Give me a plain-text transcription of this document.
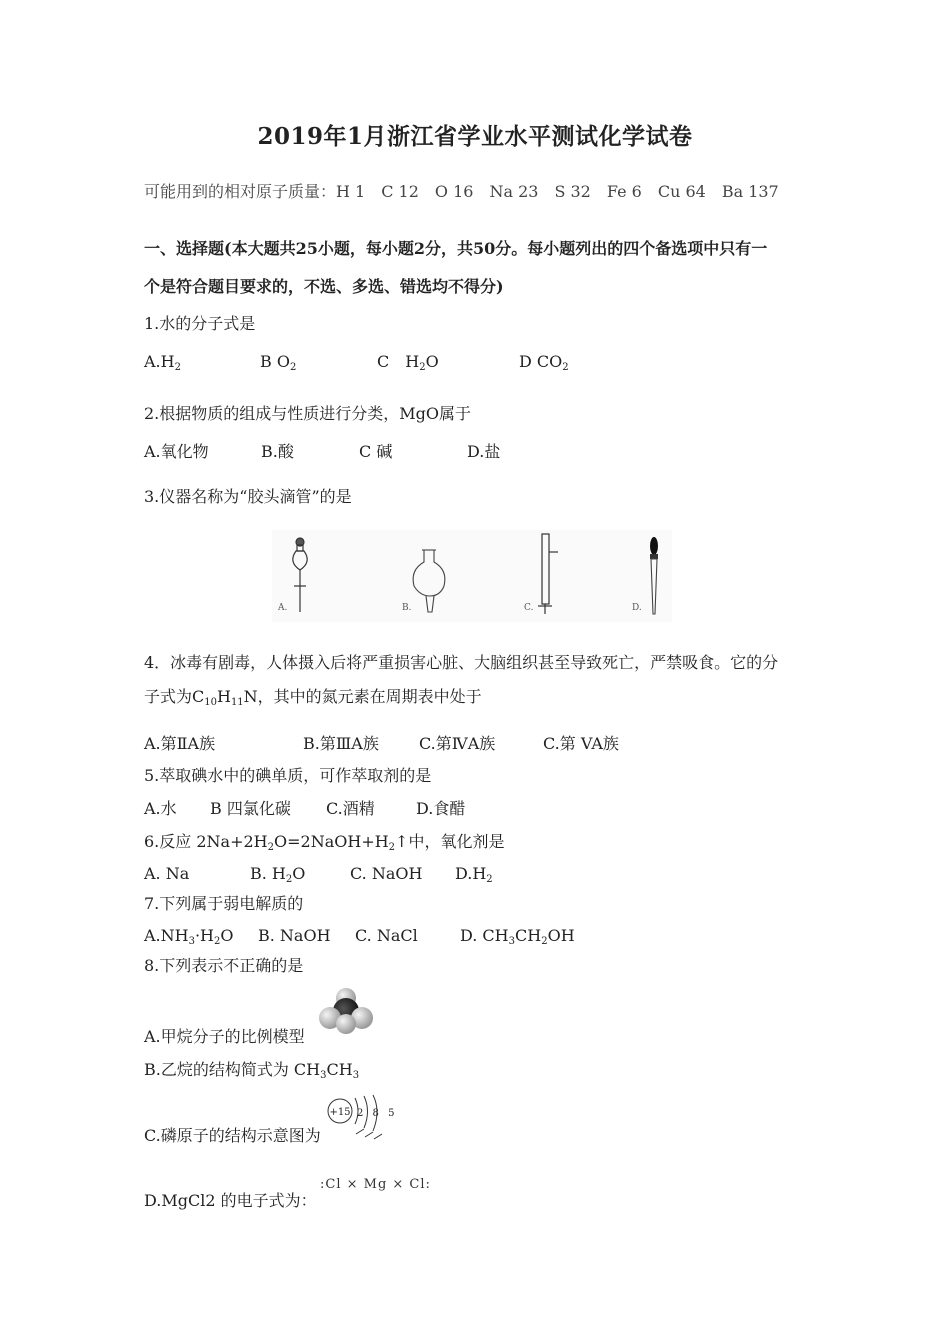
2019年1月浙江省学业水平测试化学试卷
可能用到的相对原子质量：H 1　C 12　O 16　Na 23　S 32　Fe 6　Cu 64　Ba 137
一、选择题(本大题共25小题，每小题2分，共50分。每小题列出的四个备选项中只有一
个是符合题目要求的，不选、多选、错选均不得分)
1.水的分子式是
$A.H_2$	B $O_2$	C　$H_2O$	D $CO_2$
2.根据物质的组成与性质进行分类，MgO属于
A.氧化物	B.酸	C 碱	D.盐
3.仪器名称为“胶头滴管”的是
A.	B.	C.	D.
4．冰毒有剧毒，人体摄入后将严重损害心脏、大脑组织甚至导致死亡，严禁吸食。它的分
子式为$C_{10}H_{11}N$，其中的氮元素在周期表中处于
A.第ⅡA族	B.第ⅢA族	C.第ⅣA族	C.第 VA族
5.萃取碘水中的碘单质，可作萃取剂的是
A.水 B 四氯化碳 C.酒精	D.食醋
6.反应 $2Na+2H_2O=2NaOH+H_2↑$中，氧化剂是
A. Na	B. $H_2O$	C. NaOH $D.H_2$
7.下列属于弱电解质的
$A.NH_3\cdot H_2O$ B. NaOH C. NaCl	D. $CH_3CH_2OH$
8.下列表示不正确的是
A.甲烷分子的比例模型
B.乙烷的结构简式为 $CH_3CH_3$
C.磷原子的结构示意图为
+15 2 8 5
D.MgCl2 的电子式为：
:Cl × Mg × Cl:
